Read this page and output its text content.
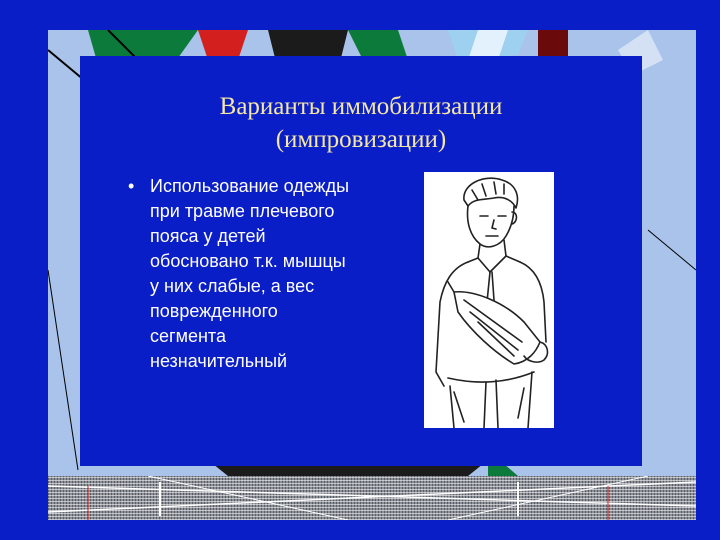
Варианты иммобилизации
(импровизации)
• Использование одежды при травме плечевого пояса у детей обосновано т.к. мышцы у них слабые, а вес поврежденного сегмента незначительный
